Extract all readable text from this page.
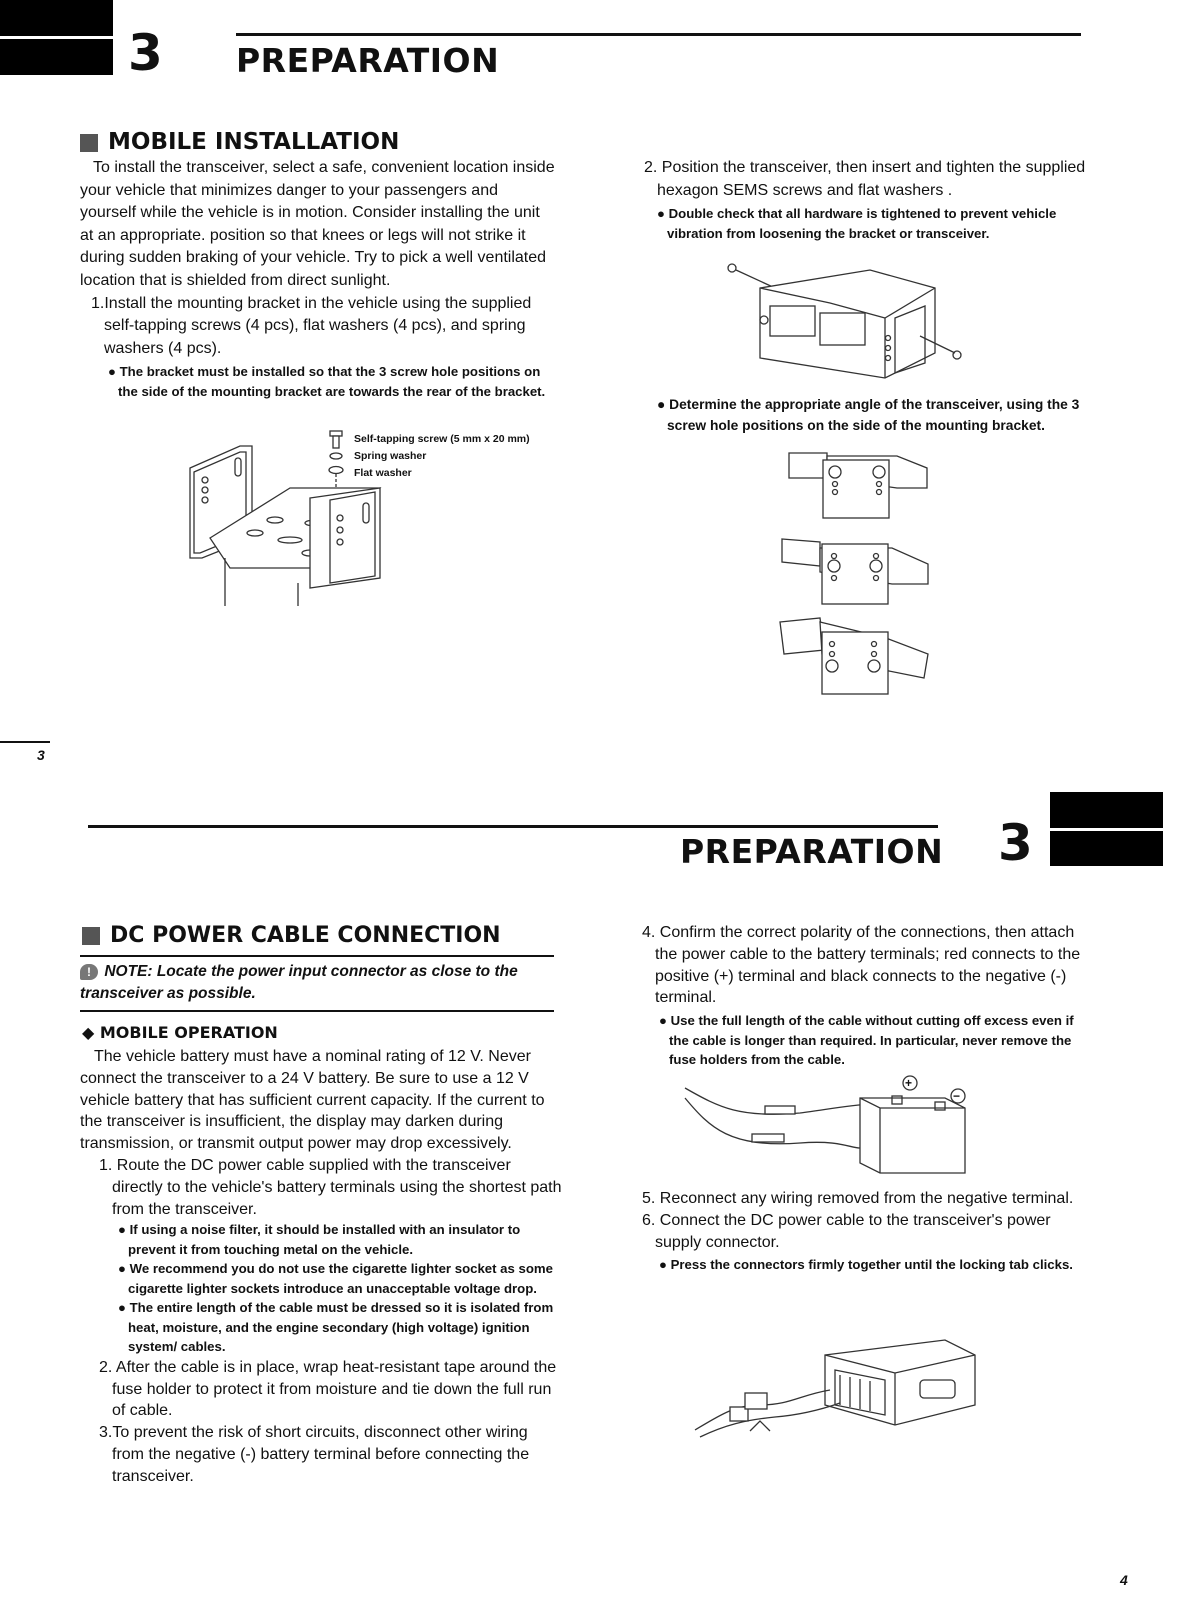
3 PREPARATION
MOBILE INSTALLATION

To install the transceiver, select a safe, convenient location inside your vehicle that minimizes danger to your passengers and yourself while the vehicle is in motion. Consider installing the unit at an appropriate. position so that knees or legs will not strike it during sudden braking of your vehicle. Try to pick a well ventilated location that is shielded from direct sunlight.

1.Install the mounting bracket in the vehicle using the supplied self-tapping screws (4 pcs), flat washers (4 pcs), and spring washers (4 pcs).

● The bracket must be installed so that the 3 screw hole positions on the side of the mounting bracket are towards the rear of the bracket.

Self-tapping screw (5 mm x 20 mm)
Spring washer
Flat washer

2. Position the transceiver, then insert and tighten the supplied hexagon SEMS screws and flat washers .

● Double check that all hardware is tightened to prevent vehicle vibration from loosening the bracket or transceiver.

● Determine the appropriate angle of the transceiver, using the 3 screw hole positions on the side of the mounting bracket.

3
PREPARATION 3
DC POWER CABLE CONNECTION
! NOTE: Locate the power input connector as close to the transceiver as possible.
◆ MOBILE OPERATION

The vehicle battery must have a nominal rating of 12 V. Never connect the transceiver to a 24 V battery. Be sure to use a 12 V vehicle battery that has sufficient current capacity. If the current to the transceiver is insufficient, the display may darken during transmission, or transmit output power may drop excessively.

1. Route the DC power cable supplied with the transceiver directly to the vehicle's battery terminals using the shortest path from the transceiver.

● If using a noise filter, it should be installed with an insulator to prevent it from touching metal on the vehicle.

● We recommend you do not use the cigarette lighter socket as some cigarette lighter sockets introduce an unacceptable voltage drop.

● The entire length of the cable must be dressed so it is isolated from heat, moisture, and the engine secondary (high voltage) ignition system/ cables.

2. After the cable is in place, wrap heat-resistant tape around the fuse holder to protect it from moisture and tie down the full run of cable.

3.To prevent the risk of short circuits, disconnect other wiring from the negative (-) battery terminal before connecting the transceiver.

4. Confirm the correct polarity of the connections, then attach the power cable to the battery terminals; red connects to the positive (+) terminal and black connects to the negative (-) terminal.

● Use the full length of the cable without cutting off excess even if the cable is longer than required. In particular, never remove the fuse holders from the cable.

+
−

5. Reconnect any wiring removed from the negative terminal.

6. Connect the DC power cable to the transceiver's power supply connector.

● Press the connectors firmly together until the locking tab clicks.

4
